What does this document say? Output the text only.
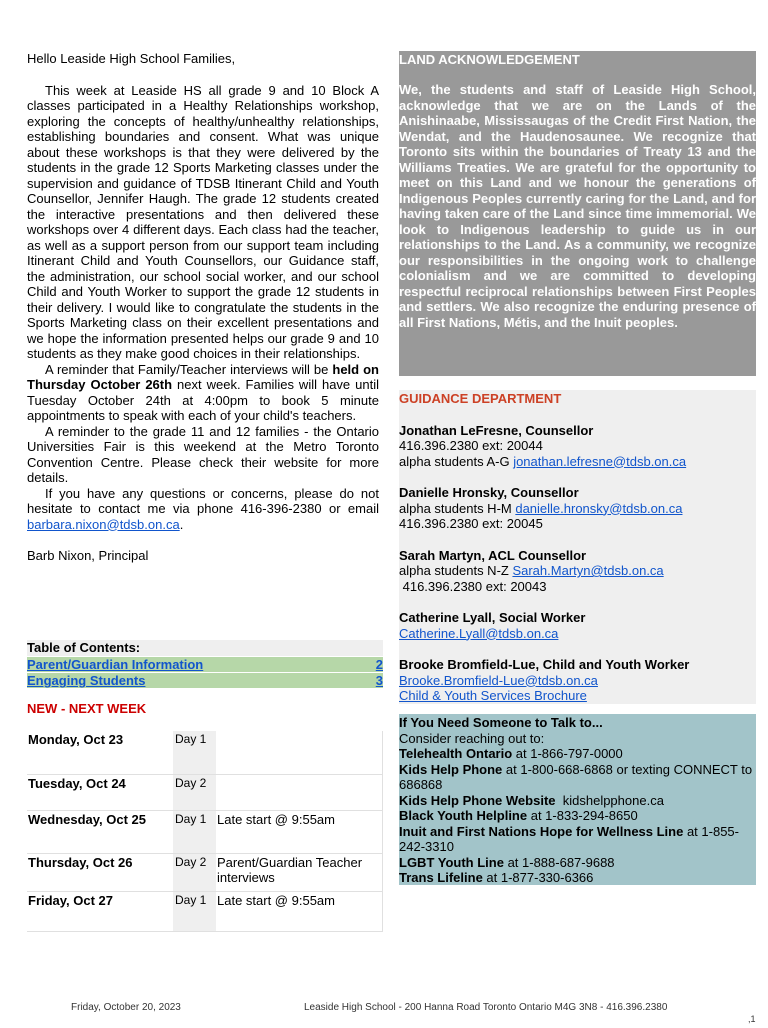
Hello Leaside High School Families,

This week at Leaside HS all grade 9 and 10 Block A classes participated in a Healthy Relationships workshop, exploring the concepts of healthy/unhealthy relationships, establishing boundaries and consent. What was unique about these workshops is that they were delivered by the students in the grade 12 Sports Marketing classes under the supervision and guidance of TDSB Itinerant Child and Youth Counsellor, Jennifer Haugh. The grade 12 students created the interactive presentations and then delivered these workshops over 4 different days. Each class had the teacher, as well as a support person from our support team including Itinerant Child and Youth Counsellors, our Guidance staff, the administration, our school social worker, and our school Child and Youth Worker to support the grade 12 students in their delivery. I would like to congratulate the students in the Sports Marketing class on their excellent presentations and we hope the information presented helps our grade 9 and 10 students as they make good choices in their relationships.

A reminder that Family/Teacher interviews will be held on Thursday October 26th next week. Families will have until Tuesday October 24th at 4:00pm to book 5 minute appointments to speak with each of your child's teachers.

A reminder to the grade 11 and 12 families - the Ontario Universities Fair is this weekend at the Metro Toronto Convention Centre. Please check their website for more details.

If you have any questions or concerns, please do not hesitate to contact me via phone 416-396-2380 or email barbara.nixon@tdsb.on.ca.

Barb Nixon, Principal

Table of Contents:
Parent/Guardian Information	2
Engaging Students	3
NEW - NEXT WEEK
Monday, Oct 23	Day 1	
Tuesday, Oct 24	Day 2	
Wednesday, Oct 25	Day 1	Late start @ 9:55am
Thursday, Oct 26	Day 2	Parent/Guardian Teacher interviews
Friday, Oct 27	Day 1	Late start @ 9:55am
LAND ACKNOWLEDGEMENT

We, the students and staff of Leaside High School, acknowledge that we are on the Lands of the Anishinaabe, Mississaugas of the Credit First Nation, the Wendat, and the Haudenosaunee. We recognize that Toronto sits within the boundaries of Treaty 13 and the Williams Treaties. We are grateful for the opportunity to meet on this Land and we honour the generations of Indigenous Peoples currently caring for the Land, and for having taken care of the Land since time immemorial. We look to Indigenous leadership to guide us in our relationships to the Land. As a community, we recognize our responsibilities in the ongoing work to challenge colonialism and we are committed to developing respectful reciprocal relationships between First Peoples and settlers. We also recognize the enduring presence of all First Nations, Métis, and the Inuit peoples.

GUIDANCE DEPARTMENT
Jonathan LeFresne, Counsellor
416.396.2380 ext: 20044
alpha students A-G jonathan.lefresne@tdsb.on.ca
Danielle Hronsky, Counsellor
alpha students H-M danielle.hronsky@tdsb.on.ca
416.396.2380 ext: 20045
Sarah Martyn, ACL Counsellor
alpha students N-Z Sarah.Martyn@tdsb.on.ca
416.396.2380 ext: 20043
Catherine Lyall, Social Worker
Catherine.Lyall@tdsb.on.ca
Brooke Bromfield-Lue, Child and Youth Worker
Brooke.Bromfield-Lue@tdsb.on.ca
Child & Youth Services Brochure
If You Need Someone to Talk to...
Consider reaching out to:
Telehealth Ontario at 1-866-797-0000
Kids Help Phone at 1-800-668-6868 or texting CONNECT to 686868
Kids Help Phone Website  kidshelpphone.ca
Black Youth Helpline at 1-833-294-8650
Inuit and First Nations Hope for Wellness Line at 1-855-242-3310
LGBT Youth Line at 1-888-687-9688
Trans Lifeline at 1-877-330-6366
Friday, October 20, 2023	Leaside High School - 200 Hanna Road Toronto Ontario M4G 3N8 - 416.396.2380
,1
